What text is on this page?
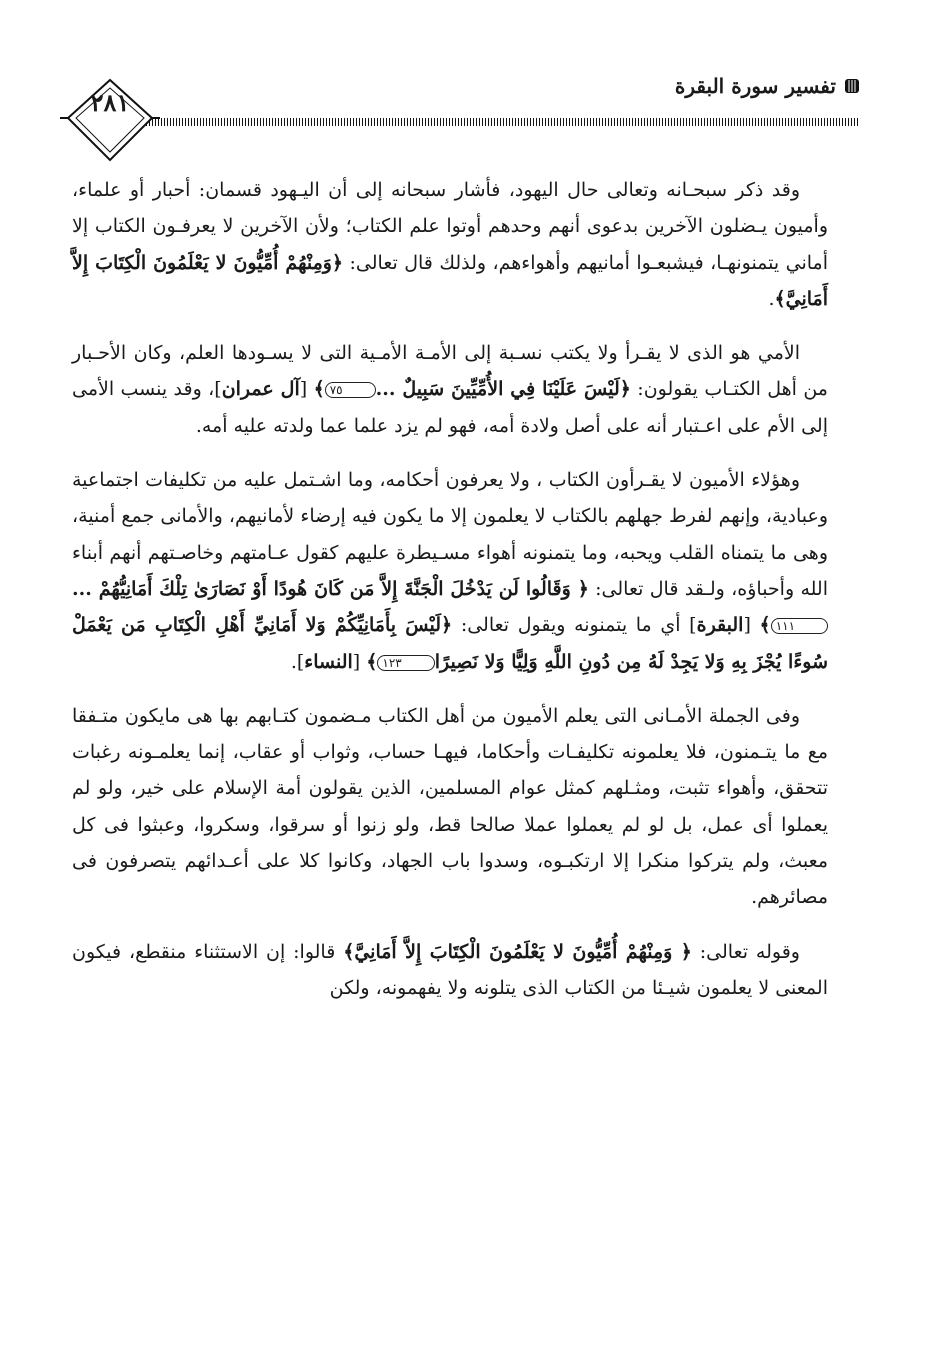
تفسير سورة البقرة
٢٨١

وقد ذكر سبحـانه وتعالى حال اليهود، فأشار سبحانه إلى أن اليـهود قسمان: أحبار أو علماء، وأميون يـضلون الآخرين بدعوى أنهم وحدهم أوتوا علم الكتاب؛ ولأن الآخرين لا يعرفـون الكتاب إلا أماني يتمنونهـا، فيشبعـوا أمانيهم وأهواءهم، ولذلك قال تعالى: ﴿وَمِنْهُمْ أُمِّيُّونَ لا يَعْلَمُونَ الْكِتَابَ إِلاَّ أَمَانِيَّ﴾.

الأمي هو الذى لا يقـرأ ولا يكتب نسـبة إلى الأمـة الأمـية التى لا يسـودها العلم، وكان الأحـبار من أهل الكتـاب يقولون: ﴿لَيْسَ عَلَيْنَا فِي الأُمِّيِّينَ سَبِيلٌ ...٧٥﴾ [آل عمران]، وقد ينسب الأمى إلى الأم على اعـتبار أنه على أصل ولادة أمه، فهو لم يزد علما عما ولدته عليه أمه.

وهؤلاء الأميون لا يقـرأون الكتاب ، ولا يعرفون أحكامه، وما اشـتمل عليه من تكليفات اجتماعية وعبادية، وإنهم لفرط جهلهم بالكتاب لا يعلمون إلا ما يكون فيه إرضاء لأمانيهم، والأمانى جمع أمنية، وهى ما يتمناه القلب ويحبه، وما يتمنونه أهواء مسـيطرة عليهم كقول عـامتهم وخاصـتهم أنهم أبناء الله وأحباؤه، ولـقد قال تعالى: ﴿ وَقَالُوا لَن يَدْخُلَ الْجَنَّةَ إِلاَّ مَن كَانَ هُودًا أَوْ نَصَارَىٰ تِلْكَ أَمَانِيُّهُمْ ...١١١﴾ [البقرة] أي ما يتمنونه ويقول تعالى: ﴿لَيْسَ بِأَمَانِيِّكُمْ وَلا أَمَانِيِّ أَهْلِ الْكِتَابِ مَن يَعْمَلْ سُوءًا يُجْزَ بِهِ وَلا يَجِدْ لَهُ مِن دُونِ اللَّهِ وَلِيًّا وَلا نَصِيرًا١٢٣﴾ [النساء].

وفى الجملة الأمـانى التى يعلم الأميون من أهل الكتاب مـضمون كتـابهم بها هى مايكون متـفقا مع ما يتـمنون، فلا يعلمونه تكليفـات وأحكاما، فيهـا حساب، وثواب أو عقاب، إنما يعلمـونه رغبات تتحقق، وأهواء تثبت، ومثـلهم كمثل عوام المسلمين، الذين يقولون أمة الإسلام على خير، ولو لم يعملوا أى عمل، بل لو لم يعملوا عملا صالحا قط، ولو زنوا أو سرقوا، وسكروا، وعبثوا فى كل معبث، ولم يتركوا منكرا إلا ارتكبـوه، وسدوا باب الجهاد، وكانوا كلا على أعـدائهم يتصرفون فى مصائرهم.

وقوله تعالى: ﴿ وَمِنْهُمْ أُمِّيُّونَ لا يَعْلَمُونَ الْكِتَابَ إِلاَّ أَمَانِيَّ﴾ قالوا: إن الاستثناء منقطع، فيكون المعنى لا يعلمون شيـئا من الكتاب الذى يتلونه ولا يفهمونه، ولكن
